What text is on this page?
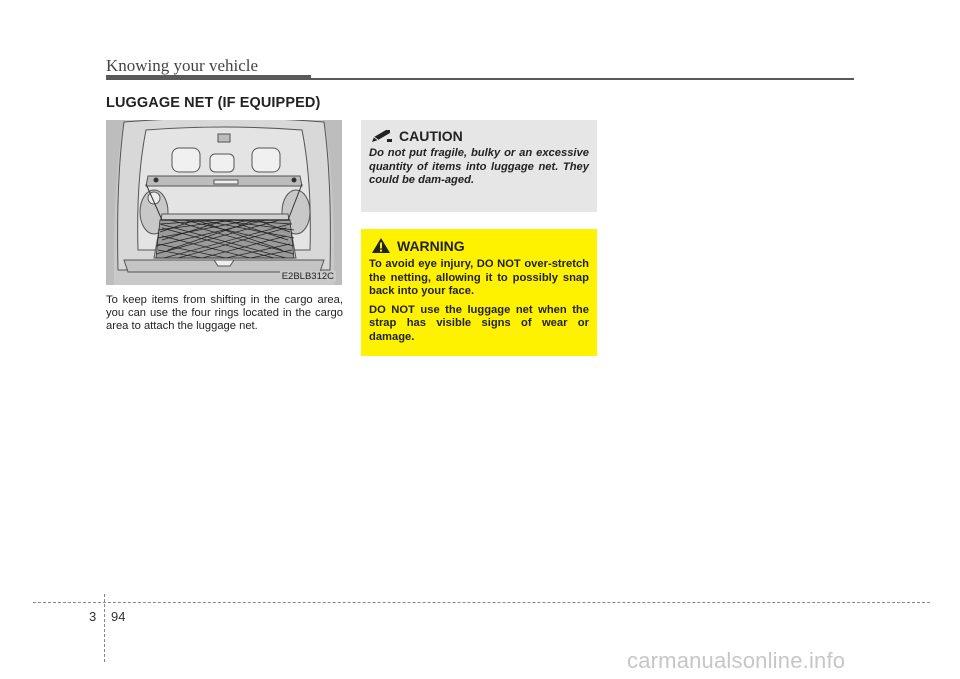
Knowing your vehicle
LUGGAGE NET (IF EQUIPPED)
E2BLB312C
To keep items from shifting in the cargo area, you can use the four rings located in the cargo area to attach the luggage net.
CAUTION
Do not put fragile, bulky or an excessive quantity of items into luggage net. They could be dam-aged.
WARNING

To avoid eye injury, DO NOT over-stretch the netting, allowing it to possibly snap back into your face.

DO NOT use the luggage net when the strap has visible signs of wear or damage.

3 94
carmanualsonline.info
